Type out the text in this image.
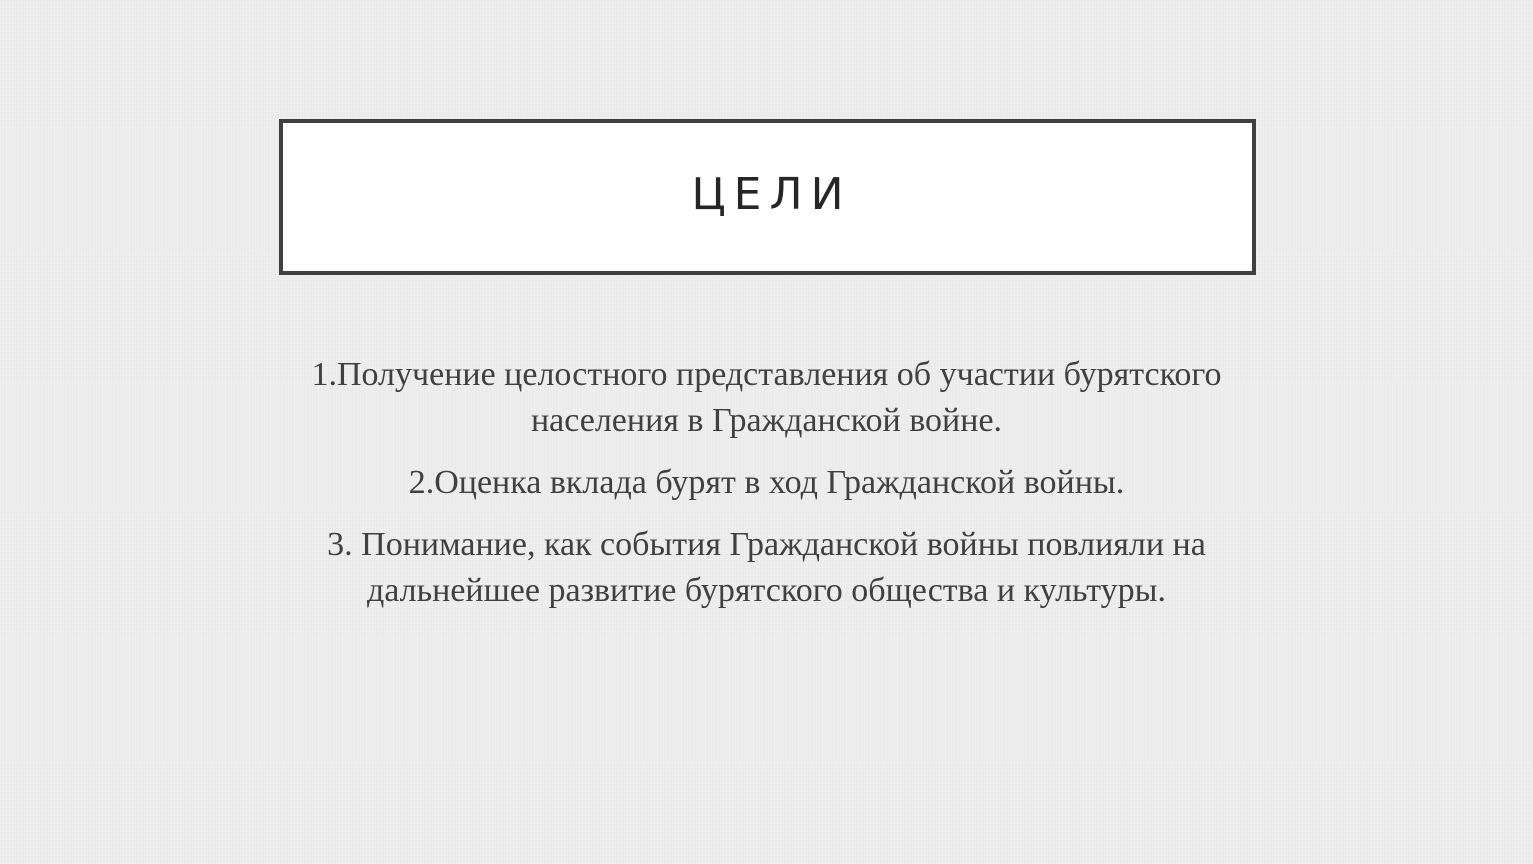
ЦЕЛИ

1.Получение целостного представления об участии бурятского населения в Гражданской войне.

2.Оценка вклада бурят в ход Гражданской войны.

3. Понимание, как события Гражданской войны повлияли на дальнейшее развитие бурятского общества и культуры.
